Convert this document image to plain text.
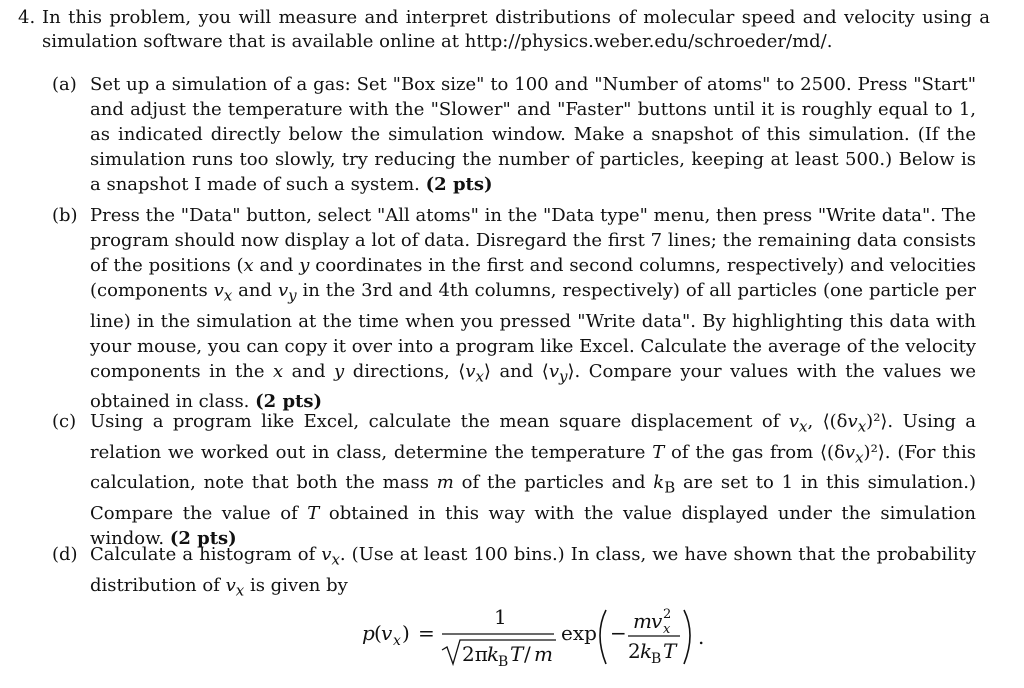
4. In this problem, you will measure and interpret distributions of molecular speed and velocity using a simulation software that is available online at http://physics.weber.edu/schroeder/md/.
(a) Set up a simulation of a gas: Set "Box size" to 100 and "Number of atoms" to 2500. Press "Start" and adjust the temperature with the "Slower" and "Faster" buttons until it is roughly equal to 1, as indicated directly below the simulation window. Make a snapshot of this simulation. (If the simulation runs too slowly, try reducing the number of particles, keeping at least 500.) Below is a snapshot I made of such a system. (2 pts)
(b) Press the "Data" button, select "All atoms" in the "Data type" menu, then press "Write data". The program should now display a lot of data. Disregard the first 7 lines; the remaining data consists of the positions (x and y coordinates in the first and second columns, respectively) and velocities (components $v_x$ and $v_y$ in the 3rd and 4th columns, respectively) of all particles (one particle per line) in the simulation at the time when you pressed "Write data". By highlighting this data with your mouse, you can copy it over into a program like Excel. Calculate the average of the velocity components in the x and y directions, $⟨v_x⟩$ and $⟨v_y⟩$. Compare your values with the values we obtained in class. (2 pts)
(c) Using a program like Excel, calculate the mean square displacement of $v_x$, $⟨(\delta v_x)^2⟩$. Using a relation we worked out in class, determine the temperature T of the gas from $⟨(\delta v_x)^2⟩$. (For this calculation, note that both the mass m of the particles and $k_B$ are set to 1 in this simulation.) Compare the value of T obtained in this way with the value displayed under the simulation window. (2 pts)
(d) Calculate a histogram of $v_x$. (Use at least 100 bins.) In class, we have shown that the probability distribution of $v_x$ is given by
p ( v x ) =
1
2π k
B T / m
exp − m v 2
x
2 k
B T
.
